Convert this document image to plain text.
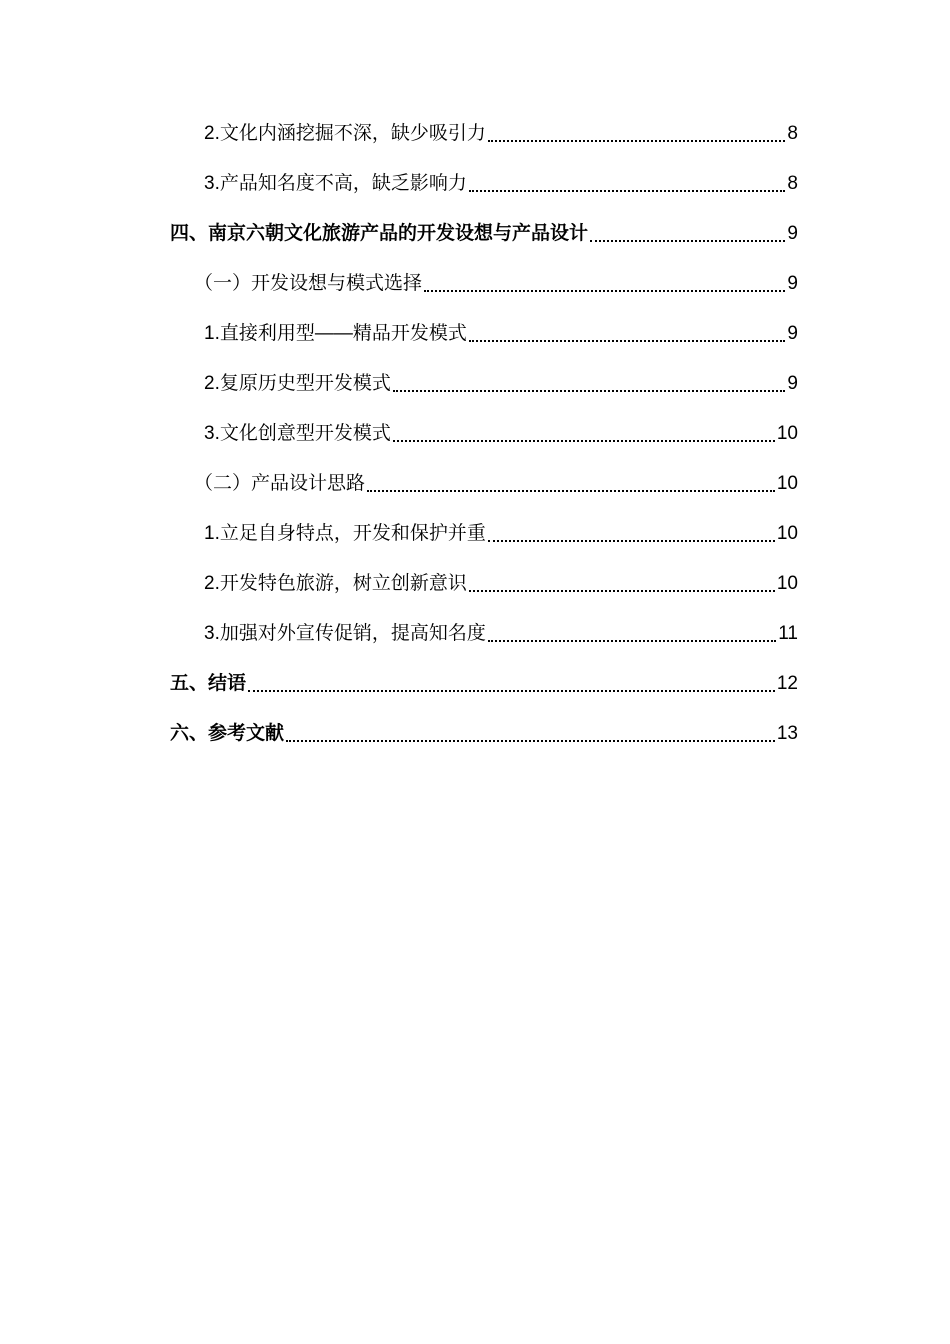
2.文化内涵挖掘不深，缺少吸引力	8
3.产品知名度不高，缺乏影响力	8
四、南京六朝文化旅游产品的开发设想与产品设计	9
（一）开发设想与模式选择	9
1.直接利用型——精品开发模式	9
2.复原历史型开发模式	9
3.文化创意型开发模式	10
（二）产品设计思路	10
1.立足自身特点，开发和保护并重	10
2.开发特色旅游，树立创新意识	10
3.加强对外宣传促销，提高知名度	11
五、结语	12
六、参考文献	13
